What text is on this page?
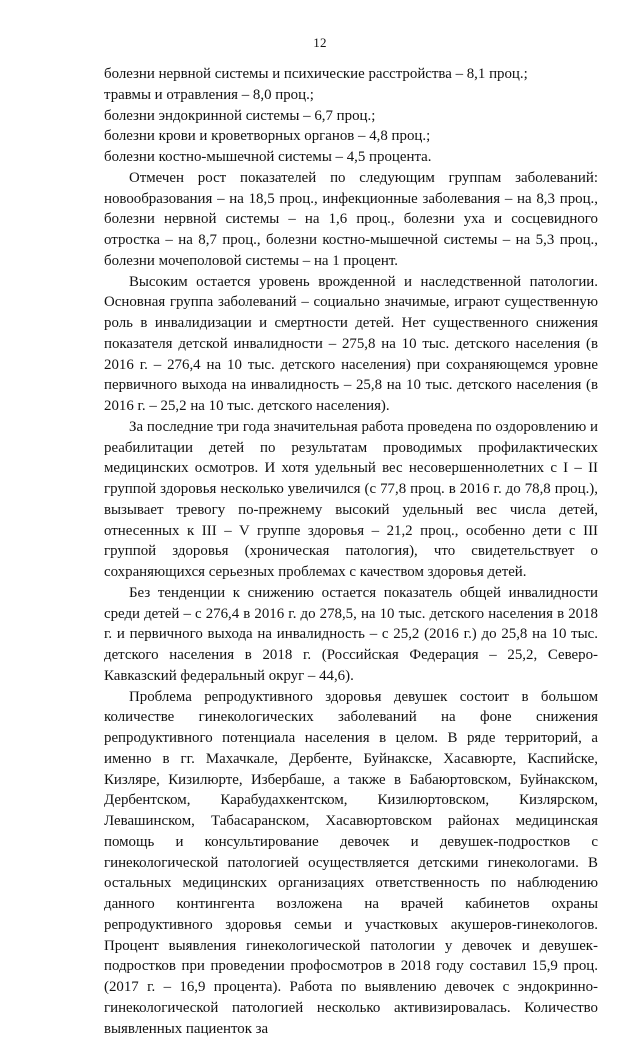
12

болезни нервной системы и психические расстройства – 8,1 проц.;

травмы и отравления – 8,0 проц.;

болезни эндокринной системы – 6,7 проц.;

болезни крови и кроветворных органов – 4,8 проц.;

болезни костно-мышечной системы – 4,5 процента.

Отмечен рост показателей по следующим группам заболеваний: новообразования – на 18,5 проц., инфекционные заболевания – на 8,3 проц., болезни нервной системы – на 1,6 проц., болезни уха и сосцевидного отростка – на 8,7 проц., болезни костно-мышечной системы – на 5,3 проц., болезни мочеполовой системы – на 1 процент.

Высоким остается уровень врожденной и наследственной патологии. Основная группа заболеваний – социально значимые, играют существенную роль в инвалидизации и смертности детей. Нет существенного снижения показателя детской инвалидности – 275,8 на 10 тыс. детского населения (в 2016 г. – 276,4 на 10 тыс. детского населения) при сохраняющемся уровне первичного выхода на инвалидность – 25,8 на 10 тыс. детского населения (в 2016 г. – 25,2 на 10 тыс. детского населения).

За последние три года значительная работа проведена по оздоровлению и реабилитации детей по результатам проводимых профилактических медицинских осмотров. И хотя удельный вес несовершеннолетних с I – II группой здоровья несколько увеличился (с 77,8 проц. в 2016 г. до 78,8 проц.), вызывает тревогу по-прежнему высокий удельный вес числа детей, отнесенных к III – V группе здоровья – 21,2 проц., особенно дети с III группой здоровья (хроническая патология), что свидетельствует о сохраняющихся серьезных проблемах с качеством здоровья детей.

Без тенденции к снижению остается показатель общей инвалидности среди детей – с 276,4 в 2016 г. до 278,5, на 10 тыс. детского населения в 2018 г. и первичного выхода на инвалидность – с 25,2 (2016 г.) до 25,8 на 10 тыс. детского населения в 2018 г. (Российская Федерация – 25,2, Северо-Кавказский федеральный округ – 44,6).

Проблема репродуктивного здоровья девушек состоит в большом количестве гинекологических заболеваний на фоне снижения репродуктивного потенциала населения в целом. В ряде территорий, а именно в гг. Махачкале, Дербенте, Буйнакске, Хасавюрте, Каспийске, Кизляре, Кизилюрте, Избербаше, а также в Бабаюртовском, Буйнакском, Дербентском, Карабудахкентском, Кизилюртовском, Кизлярском, Левашинском, Табасаранском, Хасавюртовском районах медицинская помощь и консультирование девочек и девушек-подростков с гинекологической патологией осуществляется детскими гинекологами. В остальных медицинских организациях ответственность по наблюдению данного контингента возложена на врачей кабинетов охраны репродуктивного здоровья семьи и участковых акушеров-гинекологов. Процент выявления гинекологической патологии у девочек и девушек-подростков при проведении профосмотров в 2018 году составил 15,9 проц. (2017 г. – 16,9 процента). Работа по выявлению девочек с эндокринно-гинекологической патологией несколько активизировалась. Количество выявленных пациенток за
